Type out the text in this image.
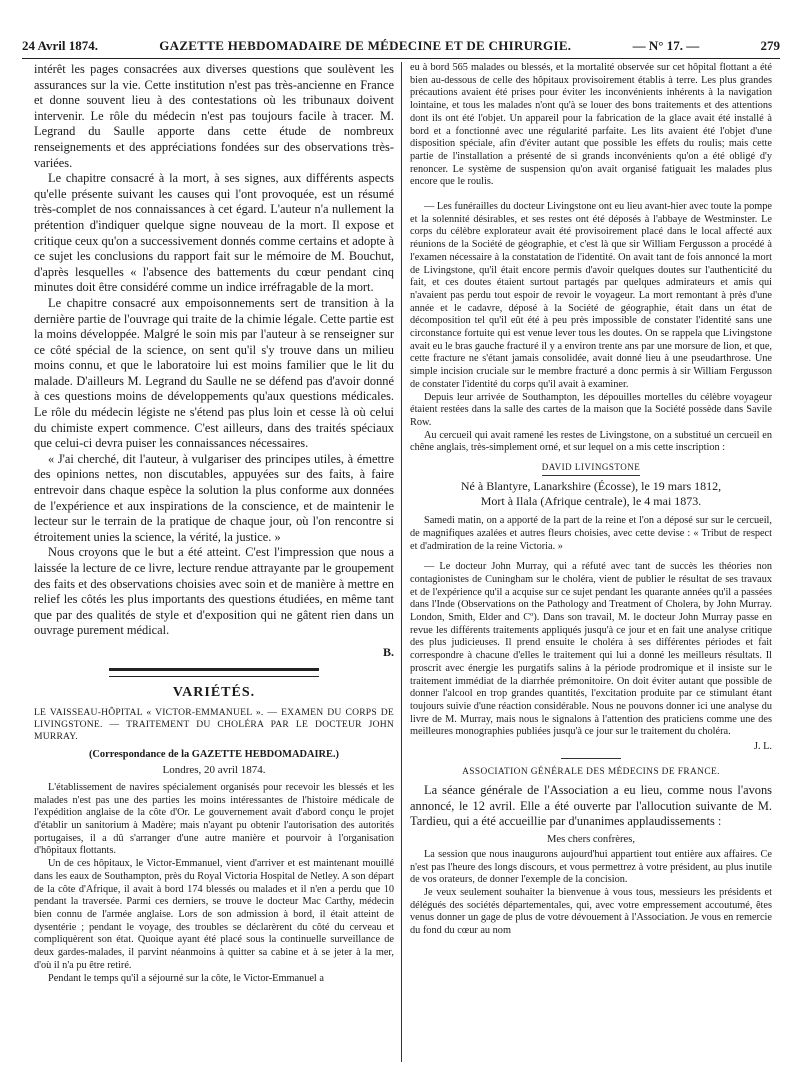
24 Avril 1874.	GAZETTE HEBDOMADAIRE DE MÉDECINE ET DE CHIRURGIE.	— N° 17. —	279

intérêt les pages consacrées aux diverses questions que soulèvent les assurances sur la vie. Cette institution n'est pas très-ancienne en France et donne souvent lieu à des contestations où les tribunaux doivent intervenir. Le rôle du médecin n'est pas toujours facile à tracer. M. Legrand du Saulle apporte dans cette étude de nombreux renseignements et des appréciations fondées sur des observations très-variées.

Le chapitre consacré à la mort, à ses signes, aux différents aspects qu'elle présente suivant les causes qui l'ont provoquée, est un résumé très-complet de nos connaissances à cet égard. L'auteur n'a nullement la prétention d'indiquer quelque signe nouveau de la mort. Il expose et critique ceux qu'on a successivement donnés comme certains et adopte à ce sujet les conclusions du rapport fait sur le mémoire de M. Bouchut, d'après lesquelles « l'absence des battements du cœur pendant cinq minutes doit être considéré comme un indice irréfragable de la mort.

Le chapitre consacré aux empoisonnements sert de transition à la dernière partie de l'ouvrage qui traite de la chimie légale. Cette partie est la moins développée. Malgré le soin mis par l'auteur à se renseigner sur ce côté spécial de la science, on sent qu'il s'y trouve dans un milieu moins connu, et que le laboratoire lui est moins familier que le lit du malade. D'ailleurs M. Legrand du Saulle ne se défend pas d'avoir donné à ces questions moins de développements qu'aux questions médicales. Le rôle du médecin légiste ne s'étend pas plus loin et cesse là où celui du chimiste expert commence. C'est ailleurs, dans des traités spéciaux que celui-ci devra puiser les connaissances nécessaires.

« J'ai cherché, dit l'auteur, à vulgariser des principes utiles, à émettre des opinions nettes, non discutables, appuyées sur des faits, à faire entrevoir dans chaque espèce la solution la plus conforme aux données de l'expérience et aux inspirations de la conscience, et de maintenir le lecteur sur le terrain de la pratique de chaque jour, où l'on rencontre si étroitement unies la science, la vérité, la justice. »

Nous croyons que le but a été atteint. C'est l'impression que nous a laissée la lecture de ce livre, lecture rendue attrayante par le groupement des faits et des observations choisies avec soin et de manière à mettre en relief les côtés les plus importants des questions étudiées, en même tant que par des qualités de style et d'exposition qui ne gâtent rien dans un ouvrage purement médical.

B.
VARIÉTÉS.

LE VAISSEAU-HÔPITAL « VICTOR-EMMANUEL ». — EXAMEN DU CORPS DE LIVINGSTONE. — TRAITEMENT DU CHOLÉRA PAR LE DOCTEUR JOHN MURRAY.

(Correspondance de la GAZETTE HEBDOMADAIRE.)
Londres, 20 avril 1874.

L'établissement de navires spécialement organisés pour recevoir les blessés et les malades n'est pas une des parties les moins intéressantes de l'histoire médicale de l'expédition anglaise de la côte d'Or. Le gouvernement avait d'abord conçu le projet d'établir un sanitorium à Madère; mais n'ayant pu obtenir l'autorisation des autorités portugaises, il a dû s'arranger d'une autre manière et pourvoir à l'organisation d'hôpitaux flottants.

Un de ces hôpitaux, le Victor-Emmanuel, vient d'arriver et est maintenant mouillé dans les eaux de Southampton, près du Royal Victoria Hospital de Netley. A son départ de la côte d'Afrique, il avait à bord 174 blessés ou malades et il n'en a perdu que 10 pendant la traversée. Parmi ces derniers, se trouve le docteur Mac Carthy, médecin bien connu de l'armée anglaise. Lors de son admission à bord, il était atteint de dysentérie ; pendant le voyage, des troubles se déclarèrent du côté du cerveau et compliquèrent son état. Quoique ayant été placé sous la continuelle surveillance de deux gardes-malades, il parvint néanmoins à quitter sa cabine et à se jeter à la mer, d'où il n'a pu être retiré.

Pendant le temps qu'il a séjourné sur la côte, le Victor-Emmanuel a

eu à bord 565 malades ou blessés, et la mortalité observée sur cet hôpital flottant a été bien au-dessous de celle des hôpitaux provisoirement établis à terre. Les plus grandes précautions avaient été prises pour éviter les inconvénients inhérents à la navigation lointaine, et tous les malades n'ont qu'à se louer des bons traitements et des attentions dont ils ont été l'objet. Un appareil pour la fabrication de la glace avait été installé à bord et a fonctionné avec une régularité parfaite. Les lits avaient été l'objet d'une disposition spéciale, afin d'éviter autant que possible les effets du roulis; mais cette partie de l'installation a présenté de si grands inconvénients qu'on a été obligé d'y renoncer. Le système de suspension qu'on avait organisé fatiguait les malades plus encore que le roulis.

— Les funérailles du docteur Livingstone ont eu lieu avant-hier avec toute la pompe et la solennité désirables, et ses restes ont été déposés à l'abbaye de Westminster. Le corps du célèbre explorateur avait été provisoirement placé dans le local affecté aux réunions de la Société de géographie, et c'est là que sir William Fergusson a procédé à l'examen nécessaire à la constatation de l'identité. On avait tant de fois annoncé la mort de Livingstone, qu'il était encore permis d'avoir quelques doutes sur l'authenticité du fait, et ces doutes étaient surtout partagés par quelques admirateurs et amis qui n'avaient pas perdu tout espoir de revoir le voyageur. La mort remontant à près d'une année et le cadavre, déposé à la Société de géographie, était dans un état de décomposition tel qu'il eût été à peu près impossible de constater l'identité sans une circonstance fortuite qui est venue lever tous les doutes. On se rappela que Livingstone avait eu le bras gauche fracturé il y a environ trente ans par une morsure de lion, et que, cette fracture ne s'étant jamais consolidée, avait donné lieu à une pseudarthrose. Une simple incision cruciale sur le membre fracturé a donc permis à sir William Fergusson de constater l'identité du corps qu'il avait à examiner.

Depuis leur arrivée de Southampton, les dépouilles mortelles du célèbre voyageur étaient restées dans la salle des cartes de la maison que la Société possède dans Savile Row.

Au cercueil qui avait ramené les restes de Livingstone, on a substitué un cercueil en chêne anglais, très-simplement orné, et sur lequel on a mis cette inscription :

DAVID LIVINGSTONE
Né à Blantyre, Lanarkshire (Écosse), le 19 mars 1812,
Mort à Ilala (Afrique centrale), le 4 mai 1873.

Samedi matin, on a apporté de la part de la reine et l'on a déposé sur sur le cercueil, de magnifiques azalées et autres fleurs choisies, avec cette devise : « Tribut de respect et d'admiration de la reine Victoria. »

— Le docteur John Murray, qui a réfuté avec tant de succès les théories non contagionistes de Cuningham sur le choléra, vient de publier le résultat de ses travaux et de l'expérience qu'il a acquise sur ce sujet pendant les quarante années qu'il a passées dans l'Inde (Observations on the Pathology and Treatment of Cholera, by John Murray. London, Smith, Elder and Cº). Dans son travail, M. le docteur John Murray passe en revue les différents traitements appliqués jusqu'à ce jour et en fait une analyse critique des plus judicieuses. Il prend ensuite le choléra à ses différentes périodes et fait correspondre à chacune d'elles le traitement qui lui a donné les meilleurs résultats. Il proscrit avec énergie les purgatifs salins à la période prodromique et il insiste sur le traitement immédiat de la diarrhée prémonitoire. On doit éviter autant que possible de donner l'alcool en trop grandes quantités, l'excitation produite par ce stimulant étant toujours suivie d'une réaction considérable. Nous ne pouvons donner ici une analyse du livre de M. Murray, mais nous le signalons à l'attention des praticiens comme une des meilleures monographies publiées jusqu'à ce jour sur le traitement du choléra.

J. L.
ASSOCIATION GÉNÉRALE DES MÉDECINS DE FRANCE.

La séance générale de l'Association a eu lieu, comme nous l'avons annoncé, le 12 avril. Elle a été ouverte par l'allocution suivante de M. Tardieu, qui a été accueillie par d'unanimes applaudissements :

Mes chers confrères,

La session que nous inaugurons aujourd'hui appartient tout entière aux affaires. Ce n'est pas l'heure des longs discours, et vous permettrez à votre président, au plus inutile de vos orateurs, de donner l'exemple de la concision.

Je veux seulement souhaiter la bienvenue à vous tous, messieurs les présidents et délégués des sociétés départementales, qui, avec votre empressement accoutumé, êtes venus donner un gage de plus de votre dévouement à l'Association. Je vous en remercie du fond du cœur au nom
